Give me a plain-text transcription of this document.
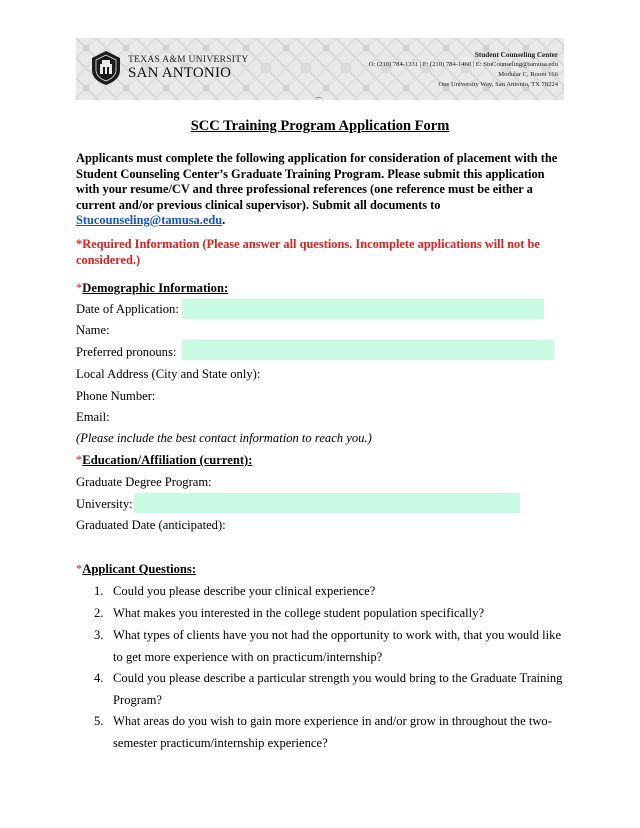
TEXAS A&M UNIVERSITY
SAN ANTONIO
Student Counseling Center
O: (210) 784-1331 | F: (210) 784-1460 | E: StuCounseling@tamusa.edu
Modular C, Room 166
One University Way, San Antonio, TX 78224
SCC Training Program Application Form

Applicants must complete the following application for consideration of placement with the Student Counseling Center’s Graduate Training Program. Please submit this application with your resume/CV and three professional references (one reference must be either a current and/or previous clinical supervisor). Submit all documents to Stucounseling@tamusa.edu.

*Required Information (Please answer all questions. Incomplete applications will not be considered.)

*Demographic Information:
Date of Application:
Name:
Preferred pronouns:
Local Address (City and State only):
Phone Number:
Email:
(Please include the best contact information to reach you.)
*Education/Affiliation (current):
Graduate Degree Program:
University:
Graduated Date (anticipated):
*Applicant Questions:
1. Could you please describe your clinical experience?
2. What makes you interested in the college student population specifically?
3. What types of clients have you not had the opportunity to work with, that you would like to get more experience with on practicum/internship?
4. Could you please describe a particular strength you would bring to the Graduate Training Program?
5. What areas do you wish to gain more experience in and/or grow in throughout the two-semester practicum/internship experience?
